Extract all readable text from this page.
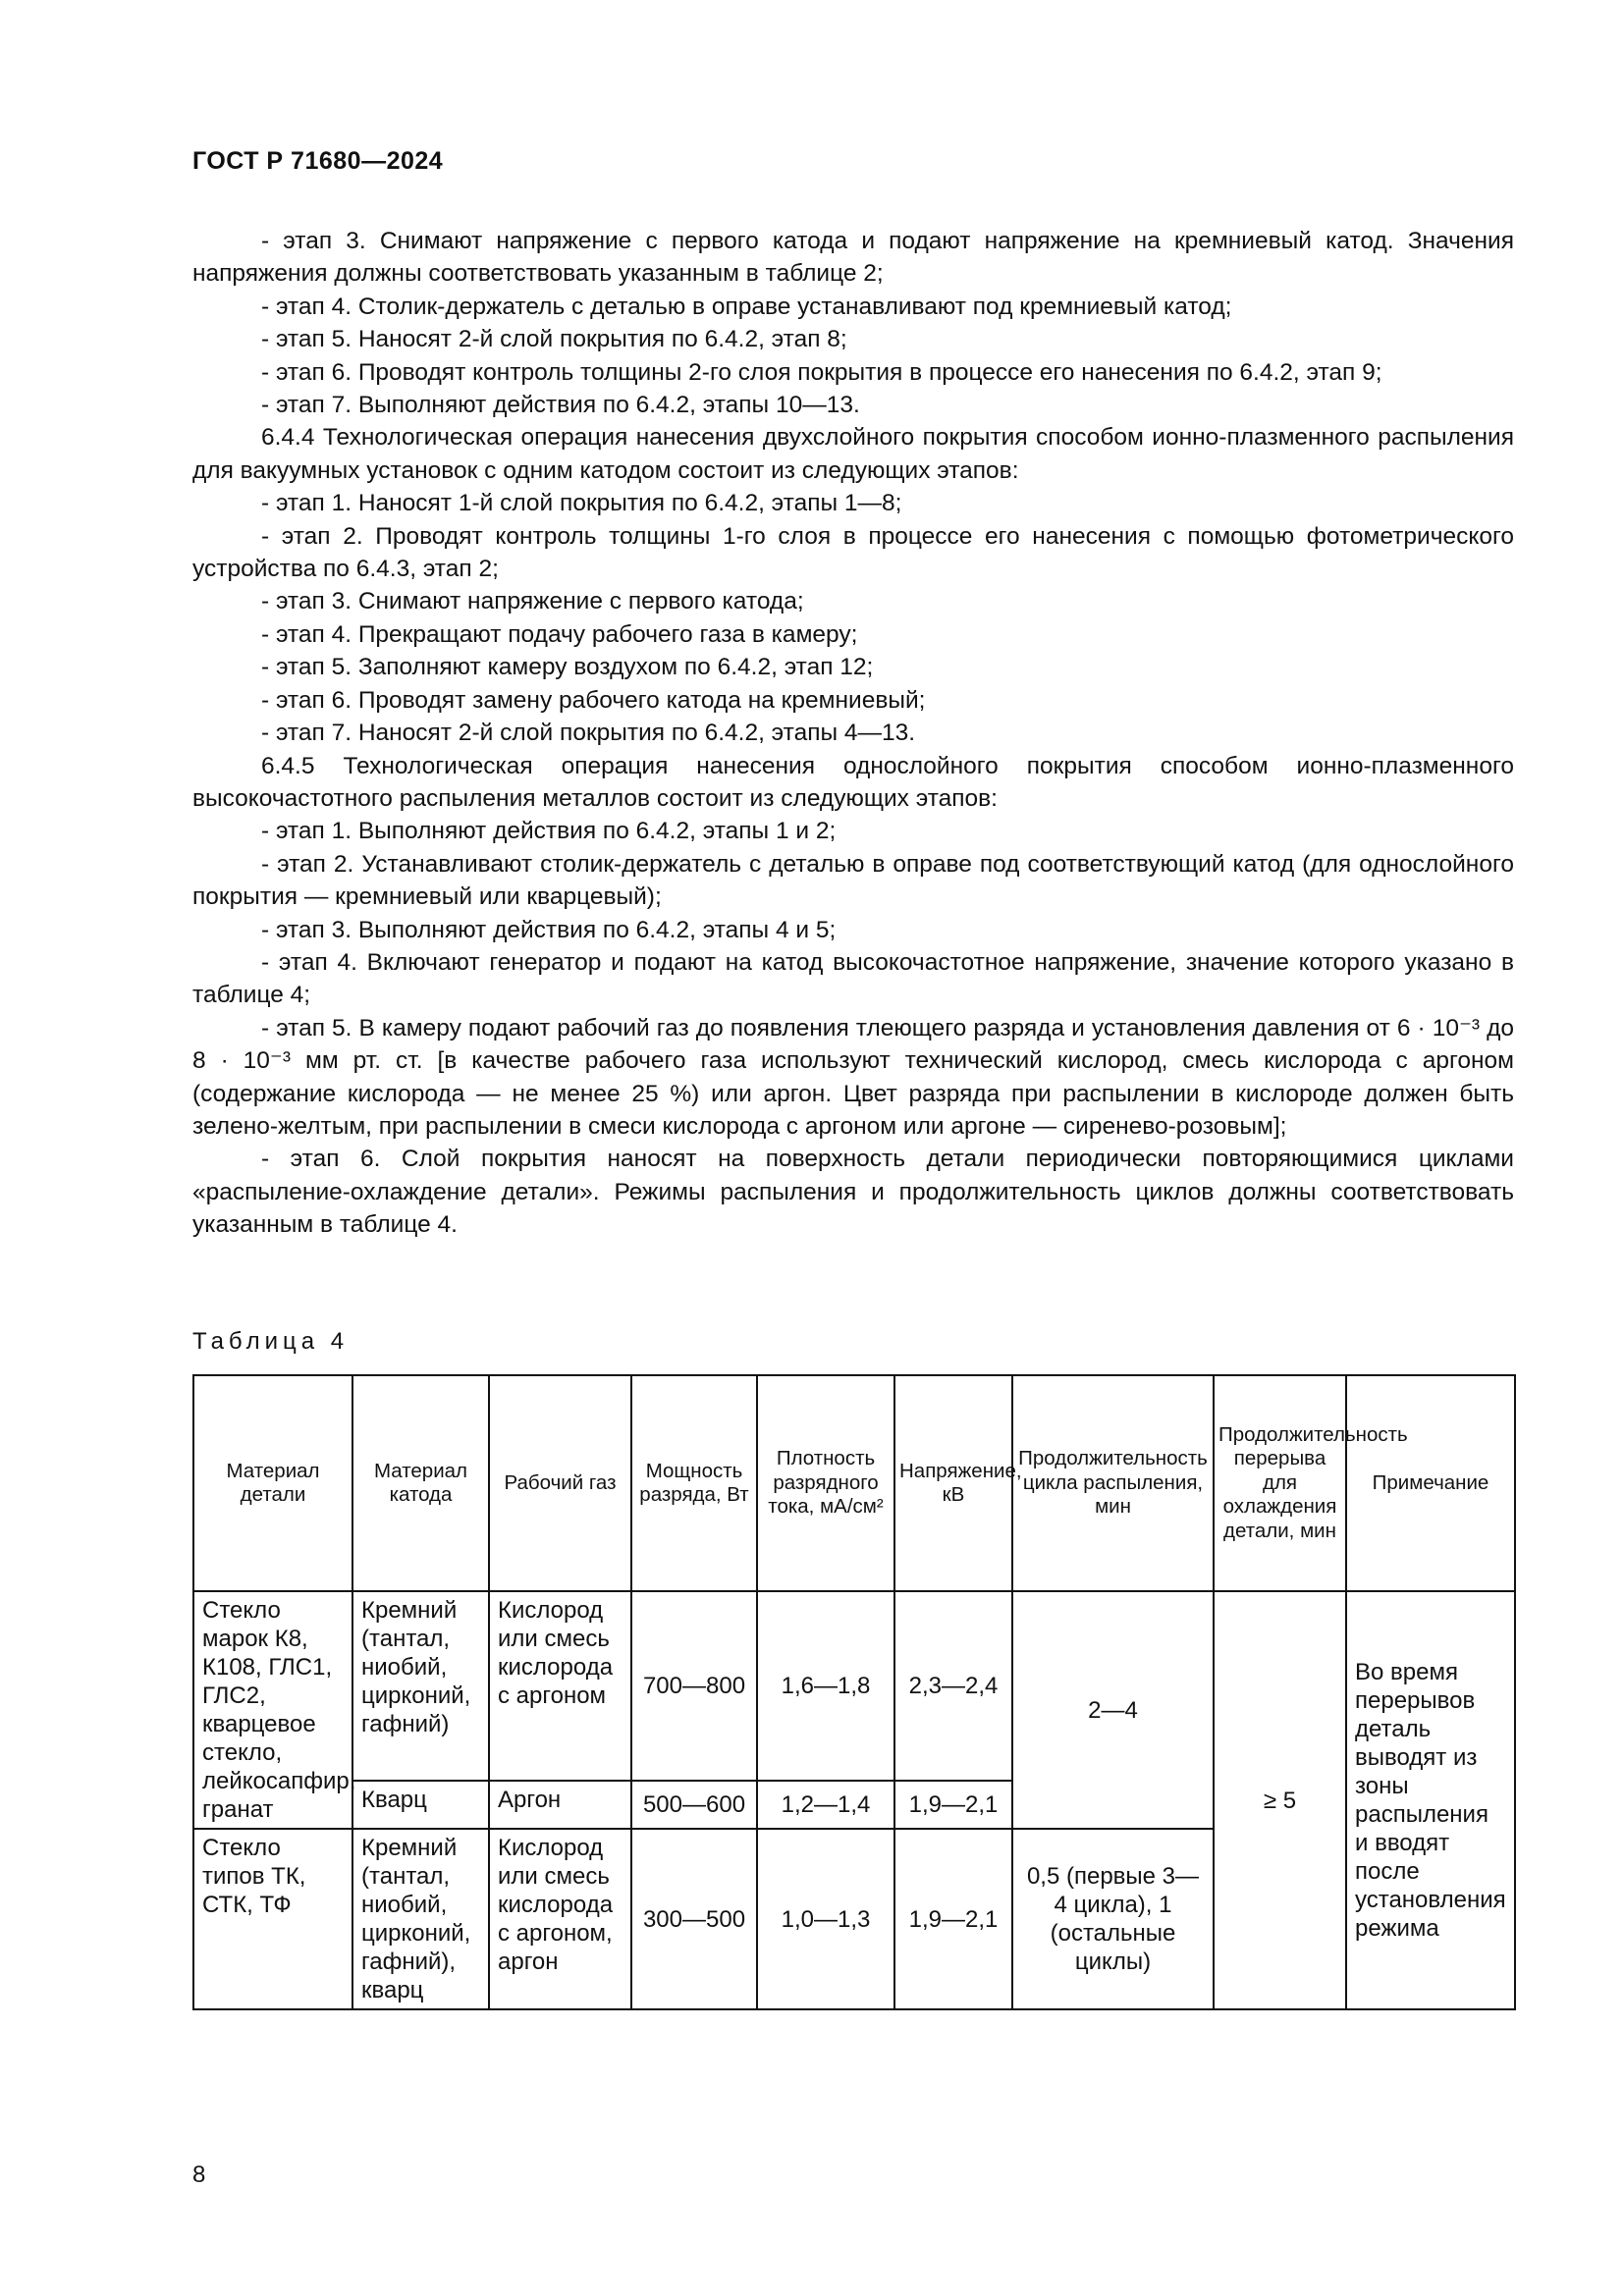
ГОСТ Р 71680—2024

- этап 3. Снимают напряжение с первого катода и подают напряжение на кремниевый катод. Значения напряжения должны соответствовать указанным в таблице 2;

- этап 4. Столик-держатель с деталью в оправе устанавливают под кремниевый катод;

- этап 5. Наносят 2-й слой покрытия по 6.4.2, этап 8;

- этап 6. Проводят контроль толщины 2-го слоя покрытия в процессе его нанесения по 6.4.2, этап 9;

- этап 7. Выполняют действия по 6.4.2, этапы 10—13.

6.4.4 Технологическая операция нанесения двухслойного покрытия способом ионно-плазменного распыления для вакуумных установок с одним катодом состоит из следующих этапов:

- этап 1. Наносят 1-й слой покрытия по 6.4.2, этапы 1—8;

- этап 2. Проводят контроль толщины 1-го слоя в процессе его нанесения с помощью фотометрического устройства по 6.4.3, этап 2;

- этап 3. Снимают напряжение с первого катода;

- этап 4. Прекращают подачу рабочего газа в камеру;

- этап 5. Заполняют камеру воздухом по 6.4.2, этап 12;

- этап 6. Проводят замену рабочего катода на кремниевый;

- этап 7. Наносят 2-й слой покрытия по 6.4.2, этапы 4—13.

6.4.5 Технологическая операция нанесения однослойного покрытия способом ионно-плазменного высокочастотного распыления металлов состоит из следующих этапов:

- этап 1. Выполняют действия по 6.4.2, этапы 1 и 2;

- этап 2. Устанавливают столик-держатель с деталью в оправе под соответствующий катод (для однослойного покрытия — кремниевый или кварцевый);

- этап 3. Выполняют действия по 6.4.2, этапы 4 и 5;

- этап 4. Включают генератор и подают на катод высокочастотное напряжение, значение которого указано в таблице 4;

- этап 5. В камеру подают рабочий газ до появления тлеющего разряда и установления давления от 6 · 10⁻³ до 8 · 10⁻³ мм рт. ст. [в качестве рабочего газа используют технический кислород, смесь кислорода с аргоном (содержание кислорода — не менее 25 %) или аргон. Цвет разряда при распылении в кислороде должен быть зелено-желтым, при распылении в смеси кислорода с аргоном или аргоне — сиренево-розовым];

- этап 6. Слой покрытия наносят на поверхность детали периодически повторяющимися циклами «распыление-охлаждение детали». Режимы распыления и продолжительность циклов должны соответствовать указанным в таблице 4.

Таблица 4
Материал детали	Материал катода	Рабочий газ	Мощность разряда, Вт	Плотность разрядного тока, мА/см²	Напряжение, кВ	Продолжительность цикла распыления, мин	Продолжительность перерыва для охлаждения детали, мин	Примечание
Стекло марок К8, К108, ГЛС1, ГЛС2, кварцевое стекло, лейкосапфир, гранат	Кремний (тантал, ниобий, цирконий, гафний)	Кислород или смесь кислорода с аргоном	700—800	1,6—1,8	2,3—2,4	2—4	≥ 5	Во время перерывов деталь выводят из зоны распыления и вводят после установления режима
	Кварц	Аргон	500—600	1,2—1,4	1,9—2,1			
Стекло типов ТК, СТК, ТФ	Кремний (тантал, ниобий, цирконий, гафний), кварц	Кислород или смесь кислорода с аргоном, аргон	300—500	1,0—1,3	1,9—2,1	0,5 (первые 3—4 цикла), 1 (остальные циклы)		
8
